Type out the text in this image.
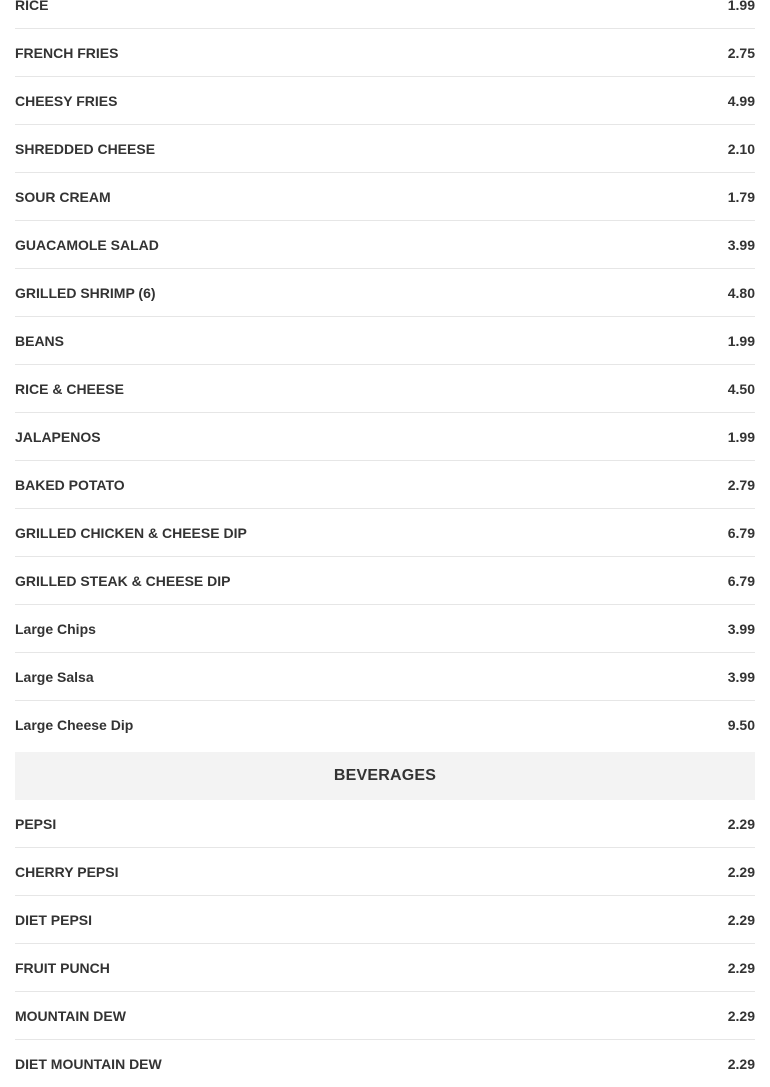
RICE	1.99
FRENCH FRIES	2.75
CHEESY FRIES	4.99
SHREDDED CHEESE	2.10
SOUR CREAM	1.79
GUACAMOLE SALAD	3.99
GRILLED SHRIMP (6)	4.80
BEANS	1.99
RICE & CHEESE	4.50
JALAPENOS	1.99
BAKED POTATO	2.79
GRILLED CHICKEN & CHEESE DIP	6.79
GRILLED STEAK & CHEESE DIP	6.79
Large Chips	3.99
Large Salsa	3.99
Large Cheese Dip	9.50
BEVERAGES
PEPSI	2.29
CHERRY PEPSI	2.29
DIET PEPSI	2.29
FRUIT PUNCH	2.29
MOUNTAIN DEW	2.29
DIET MOUNTAIN DEW	2.29
